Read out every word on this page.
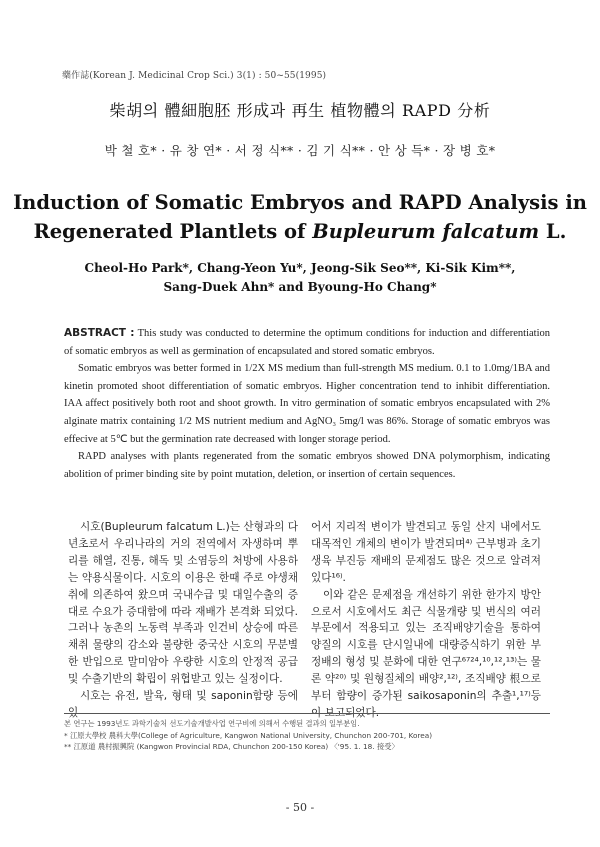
藥作誌(Korean J. Medicinal Crop Sci.) 3(1) : 50~55(1995)
柴胡의 體細胞胚 形成과 再生 植物體의 RAPD 分析
박 철 호* · 유 창 연* · 서 정 식** · 김 기 식** · 안 상 득* · 장 병 호*
Induction of Somatic Embryos and RAPD Analysis in
Regenerated Plantlets of Bupleurum falcatum L.
Cheol-Ho Park*, Chang-Yeon Yu*, Jeong-Sik Seo**, Ki-Sik Kim**,
Sang-Duek Ahn* and Byoung-Ho Chang*

ABSTRACT : This study was conducted to determine the optimum conditions for induction and differentiation of somatic embryos as well as germination of encapsulated and stored somatic embryos.

Somatic embryos was better formed in 1/2X MS medium than full-strength MS medium. 0.1 to 1.0mg/1BA and kinetin promoted shoot differentiation of somatic embryos. Higher concentration tend to inhibit differentiation. IAA affect positively both root and shoot growth. In vitro germination of somatic embryos encapsulated with 2% alginate matrix containing 1/2 MS nutrient medium and AgNO₃ 5mg/l was 86%. Storage of somatic embryos was effecive at 5℃ but the germination rate decreased with longer storage period.

RAPD analyses with plants regenerated from the somatic embryos showed DNA polymorphism, indicating abolition of primer binding site by point mutation, deletion, or insertion of certain sequences.

시호(Bupleurum falcatum L.)는 산형과의 다년초로서 우리나라의 거의 전역에서 자생하며 뿌리를 해열, 진통, 해독 및 소염등의 처방에 사용하는 약용식물이다. 시호의 이용은 한때 주로 야생채취에 의존하여 왔으며 국내수급 및 대일수출의 증대로 수요가 증대함에 따라 재배가 본격화 되었다. 그러나 농촌의 노동력 부족과 인건비 상승에 따른 채취 물량의 감소와 불량한 중국산 시호의 무분별한 반입으로 말미암아 우량한 시호의 안정적 공급 및 수출기반의 확립이 위협받고 있는 실정이다.

시호는 유전, 발육, 형태 및 saponin함량 등에 있

어서 지리적 변이가 발견되고 동일 산지 내에서도 대목적인 개체의 변이가 발견되며⁴⁾ 근부병과 초기 생육 부진등 재배의 문제점도 많은 것으로 알려져 있다¹⁶⁾.

이와 같은 문제점을 개선하기 위한 한가지 방안으로서 시호에서도 최근 식물개량 및 번식의 여러 부문에서 적용되고 있는 조직배양기술을 통하여 양질의 시호를 단시일내에 대량증식하기 위한 부정배의 형성 및 분화에 대한 연구⁶⁷²⁴,¹⁰,¹²,¹³⁾는 물론 약²⁰⁾ 및 원형질체의 배양²,¹²⁾, 조직배양 根으로부터 함량이 증가된 saikosaponin의 추출¹,¹⁷⁾등이 보고되었다.

본 연구는 1993년도 과학기술처 선도기술개발사업 연구비에 의해서 수행된 결과의 일부분임.
* 江原大學校 農科大學(College of Agriculture, Kangwon National University, Chunchon 200-701, Korea)
** 江原道 農村振興院 (Kangwon Provincial RDA, Chunchon 200-150 Korea) 〈'95. 1. 18. 接受〉
- 50 -
